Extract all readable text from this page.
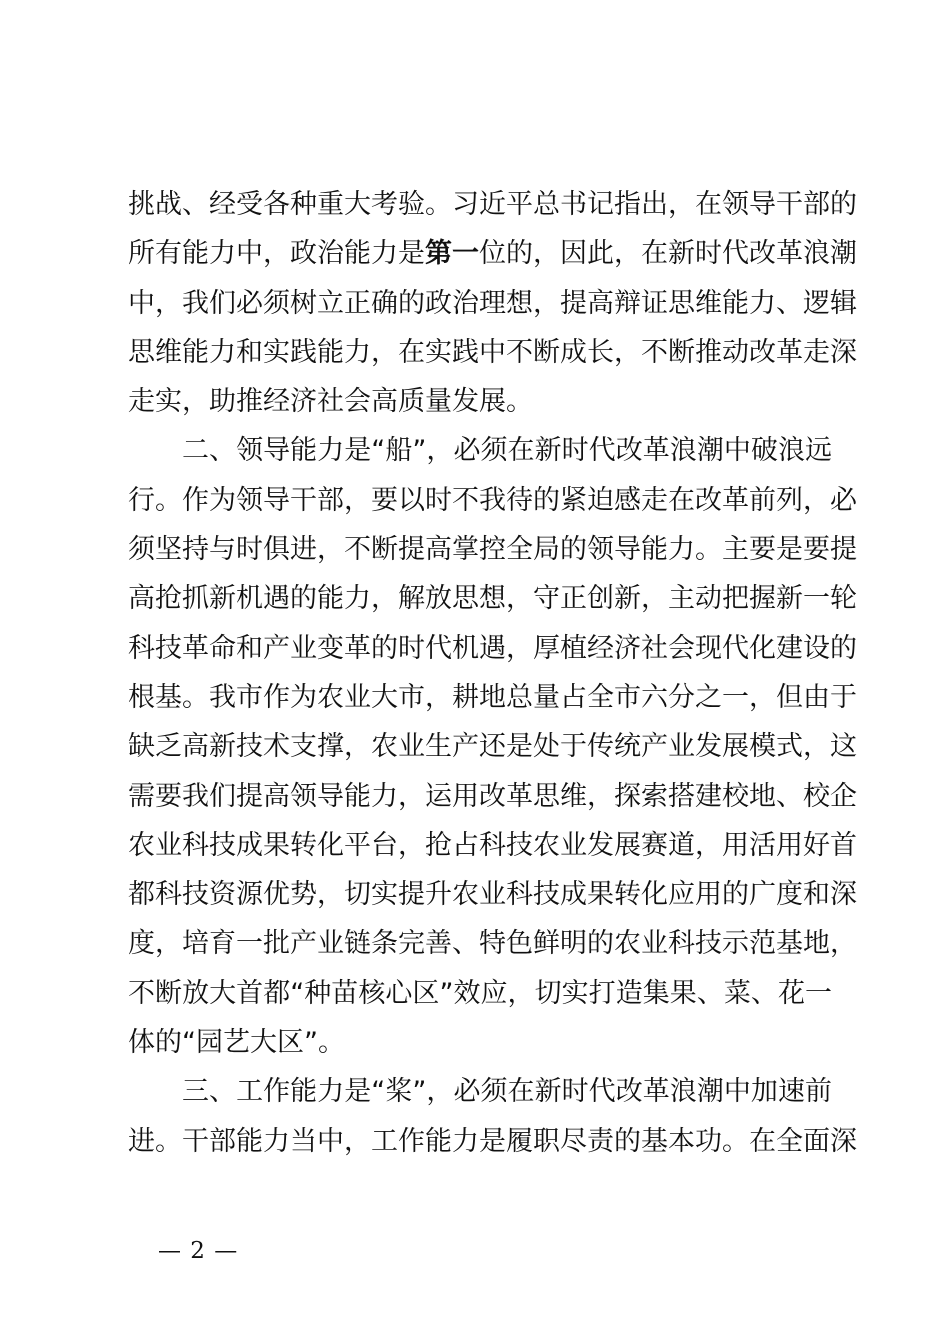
挑战、经受各种重大考验。习近平总书记指出，在领导干部的
所有能力中，政治能力是第一位的，因此，在新时代改革浪潮
中，我们必须树立正确的政治理想，提高辩证思维能力、逻辑
思维能力和实践能力，在实践中不断成长，不断推动改革走深
走实，助推经济社会高质量发展。
二、领导能力是“船”，必须在新时代改革浪潮中破浪远
行。作为领导干部，要以时不我待的紧迫感走在改革前列，必
须坚持与时俱进，不断提高掌控全局的领导能力。主要是要提
高抢抓新机遇的能力，解放思想，守正创新，主动把握新一轮
科技革命和产业变革的时代机遇，厚植经济社会现代化建设的
根基。我市作为农业大市，耕地总量占全市六分之一，但由于
缺乏高新技术支撑，农业生产还是处于传统产业发展模式，这
需要我们提高领导能力，运用改革思维，探索搭建校地、校企
农业科技成果转化平台，抢占科技农业发展赛道，用活用好首
都科技资源优势，切实提升农业科技成果转化应用的广度和深
度，培育一批产业链条完善、特色鲜明的农业科技示范基地，
不断放大首都“种苗核心区”效应，切实打造集果、菜、花一
体的“园艺大区”。
三、工作能力是“桨”，必须在新时代改革浪潮中加速前
进。干部能力当中，工作能力是履职尽责的基本功。在全面深
— 2 —
